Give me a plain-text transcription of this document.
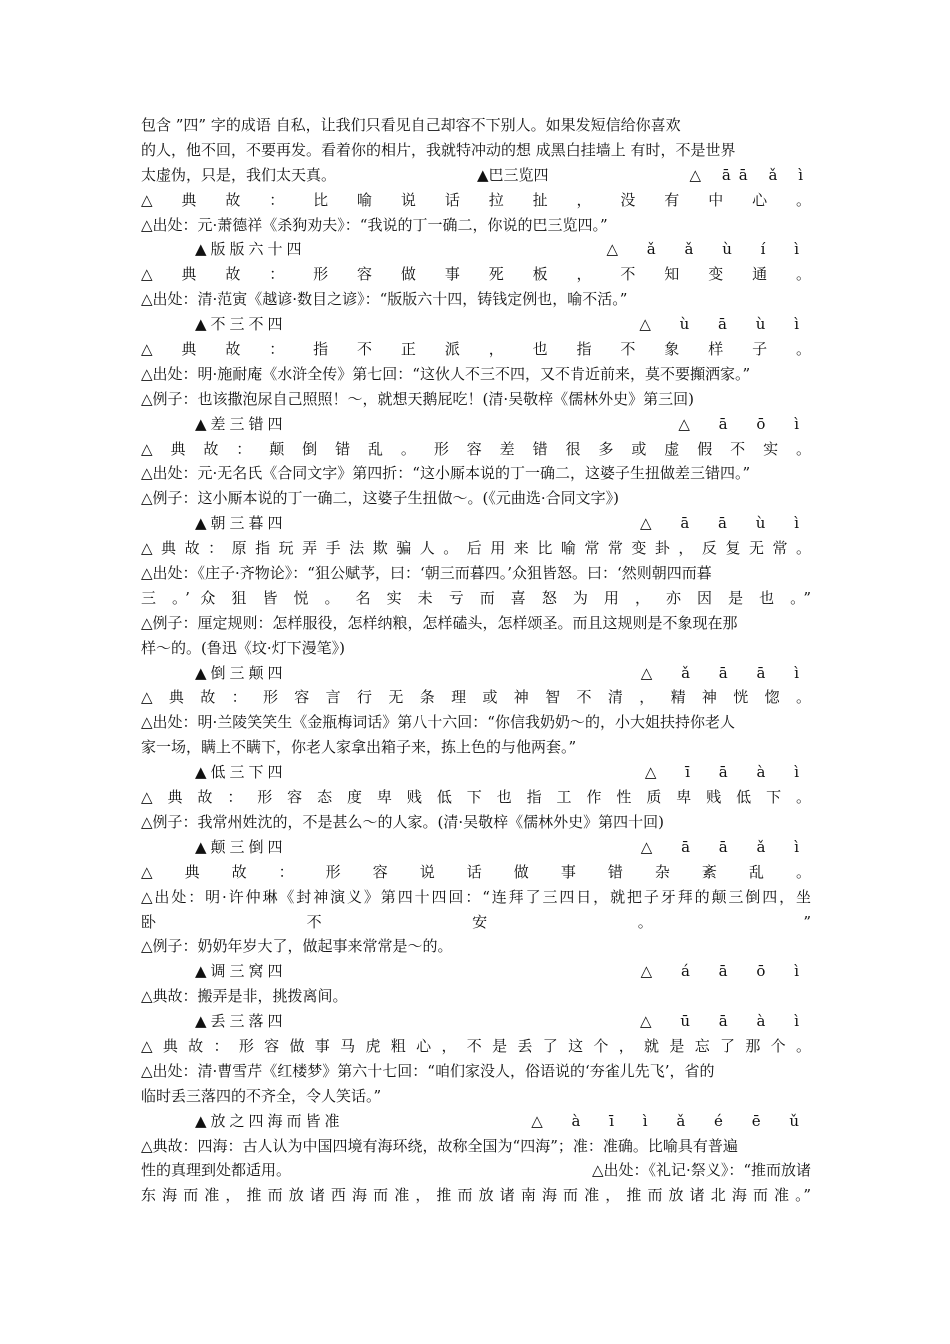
包含 ”四” 字的成语 自私，让我们只看见自己却容不下别人。如果发短信给你喜欢
的人，他不回，不要再发。看着你的相片，我就特冲动的想 成黑白挂墙上 有时，不是世界
太虚伪，只是，我们太天真。	▲巴三览四	△ āā ǎ ì
△ 典 故 ： 比 喻 说 话 拉 扯 ， 没 有 中 心 。
△出处：元·萧德祥《杀狗劝夫》：“我说的丁一确二，你说的巴三览四。”
▲版版六十四	△ ǎ ǎ ù í ì
△ 典 故 ： 形 容 做 事 死 板 ， 不 知 变 通 。
△出处：清·范寅《越谚·数目之谚》：“版版六十四，铸钱定例也，喻不活。”
▲不三不四	△ ù ā ù ì
△ 典 故 ： 指 不 正 派 ， 也 指 不 象 样 子 。
△出处：明·施耐庵《水浒全传》第七回：“这伙人不三不四，又不肯近前来，莫不要攧洒家。”
△例子：也该撒泡尿自己照照！～，就想天鹅屁吃！(清·吴敬梓《儒林外史》第三回)
▲差三错四	△ ā ō ì
△ 典 故 ： 颠 倒 错 乱 。 形 容 差 错 很 多 或 虚 假 不 实 。
△出处：元·无名氏《合同文字》第四折：“这小厮本说的丁一确二，这婆子生扭做差三错四。”
△例子：这小厮本说的丁一确二，这婆子生扭做～。(《元曲选·合同文字》)
▲朝三暮四	△ ā ā ù ì
△ 典 故 ： 原 指 玩 弄 手 法 欺 骗 人 。 后 用 来 比 喻 常 常 变 卦 ， 反 复 无 常 。
△出处：《庄子·齐物论》：“狙公赋芧，曰：‘朝三而暮四。’众狙皆怒。曰：‘然则朝四而暮
三 。’ 众 狙 皆 悦 。 名 实 未 亏 而 喜 怒 为 用 ， 亦 因 是 也 。”
△例子：厘定规则：怎样服役，怎样纳粮，怎样磕头，怎样颂圣。而且这规则是不象现在那
样～的。(鲁迅《坟·灯下漫笔》)
▲倒三颠四	△ ǎ ā ā ì
△ 典 故 ： 形 容 言 行 无 条 理 或 神 智 不 清 ， 精 神 恍 惚 。
△出处：明·兰陵笑笑生《金瓶梅词话》第八十六回：“你信我奶奶～的，小大姐扶持你老人
家一场，瞒上不瞒下，你老人家拿出箱子来，拣上色的与他两套。”
▲低三下四	△ ī ā à ì
△ 典 故 ： 形 容 态 度 卑 贱 低 下 也 指 工 作 性 质 卑 贱 低 下 。
△例子：我常州姓沈的，不是甚么～的人家。(清·吴敬梓《儒林外史》第四十回)
▲颠三倒四	△ ā ā ǎ ì
△ 典 故 ： 形 容 说 话 做 事 错 杂 紊 乱 。
△出处：明·许仲琳《封神演义》第四十四回：“连拜了三四日，就把子牙拜的颠三倒四，坐
卧 不 安 。 ”
△例子：奶奶年岁大了，做起事来常常是～的。
▲调三窝四	△ á ā ō ì
△典故：搬弄是非，挑拨离间。
▲丢三落四	△ ū ā à ì
△ 典 故 ： 形 容 做 事 马 虎 粗 心 ， 不 是 丢 了 这 个 ， 就 是 忘 了 那 个 。
△出处：清·曹雪芹《红楼梦》第六十七回：“咱们家没人，俗语说的‘夯雀儿先飞’，省的
临时丢三落四的不齐全，令人笑话。”
▲放之四海而皆准	△ à ī ì ǎ é ē ǔ
△典故：四海：古人认为中国四境有海环绕，故称全国为“四海”；准：准确。比喻具有普遍
性的真理到处都适用。	△出处：《礼记·祭义》：“推而放诸
东 海 而 准 ， 推 而 放 诸 西 海 而 准 ， 推 而 放 诸 南 海 而 准 ， 推 而 放 诸 北 海 而 准 。”
